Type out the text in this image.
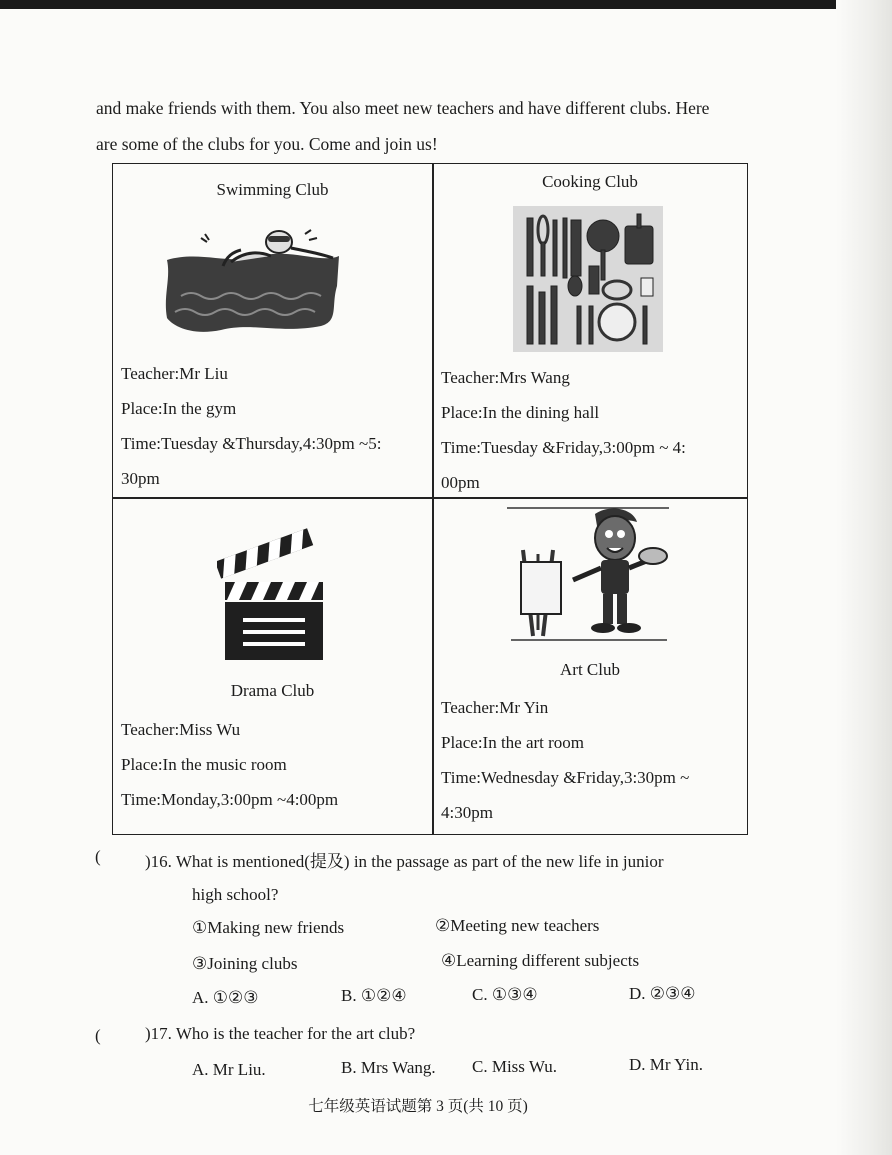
and make friends with them. You also meet new teachers and have different clubs. Here

are some of the clubs for you. Come and join us!

Swimming Club
Teacher:Mr Liu
Place:In the gym
Time:Tuesday &Thursday,4:30pm ~5:
30pm
Cooking Club
Teacher:Mrs Wang
Place:In the dining hall
Time:Tuesday &Friday,3:00pm ~ 4:
00pm
Drama Club
Teacher:Miss Wu
Place:In the music room
Time:Monday,3:00pm ~4:00pm
Art Club
Teacher:Mr Yin
Place:In the art room
Time:Wednesday &Friday,3:30pm ~
4:30pm
(	)16. What is mentioned(提及) in the passage as part of the new life in junior
high school?
①Making new friends	②Meeting new teachers
③Joining clubs	④Learning different subjects
A. ①②③	B. ①②④	C. ①③④	D. ②③④
(	)17. Who is the teacher for the art club?
A. Mr Liu.	B. Mrs Wang. C. Miss Wu.	D. Mr Yin.
七年级英语试题第 3 页(共 10 页)
